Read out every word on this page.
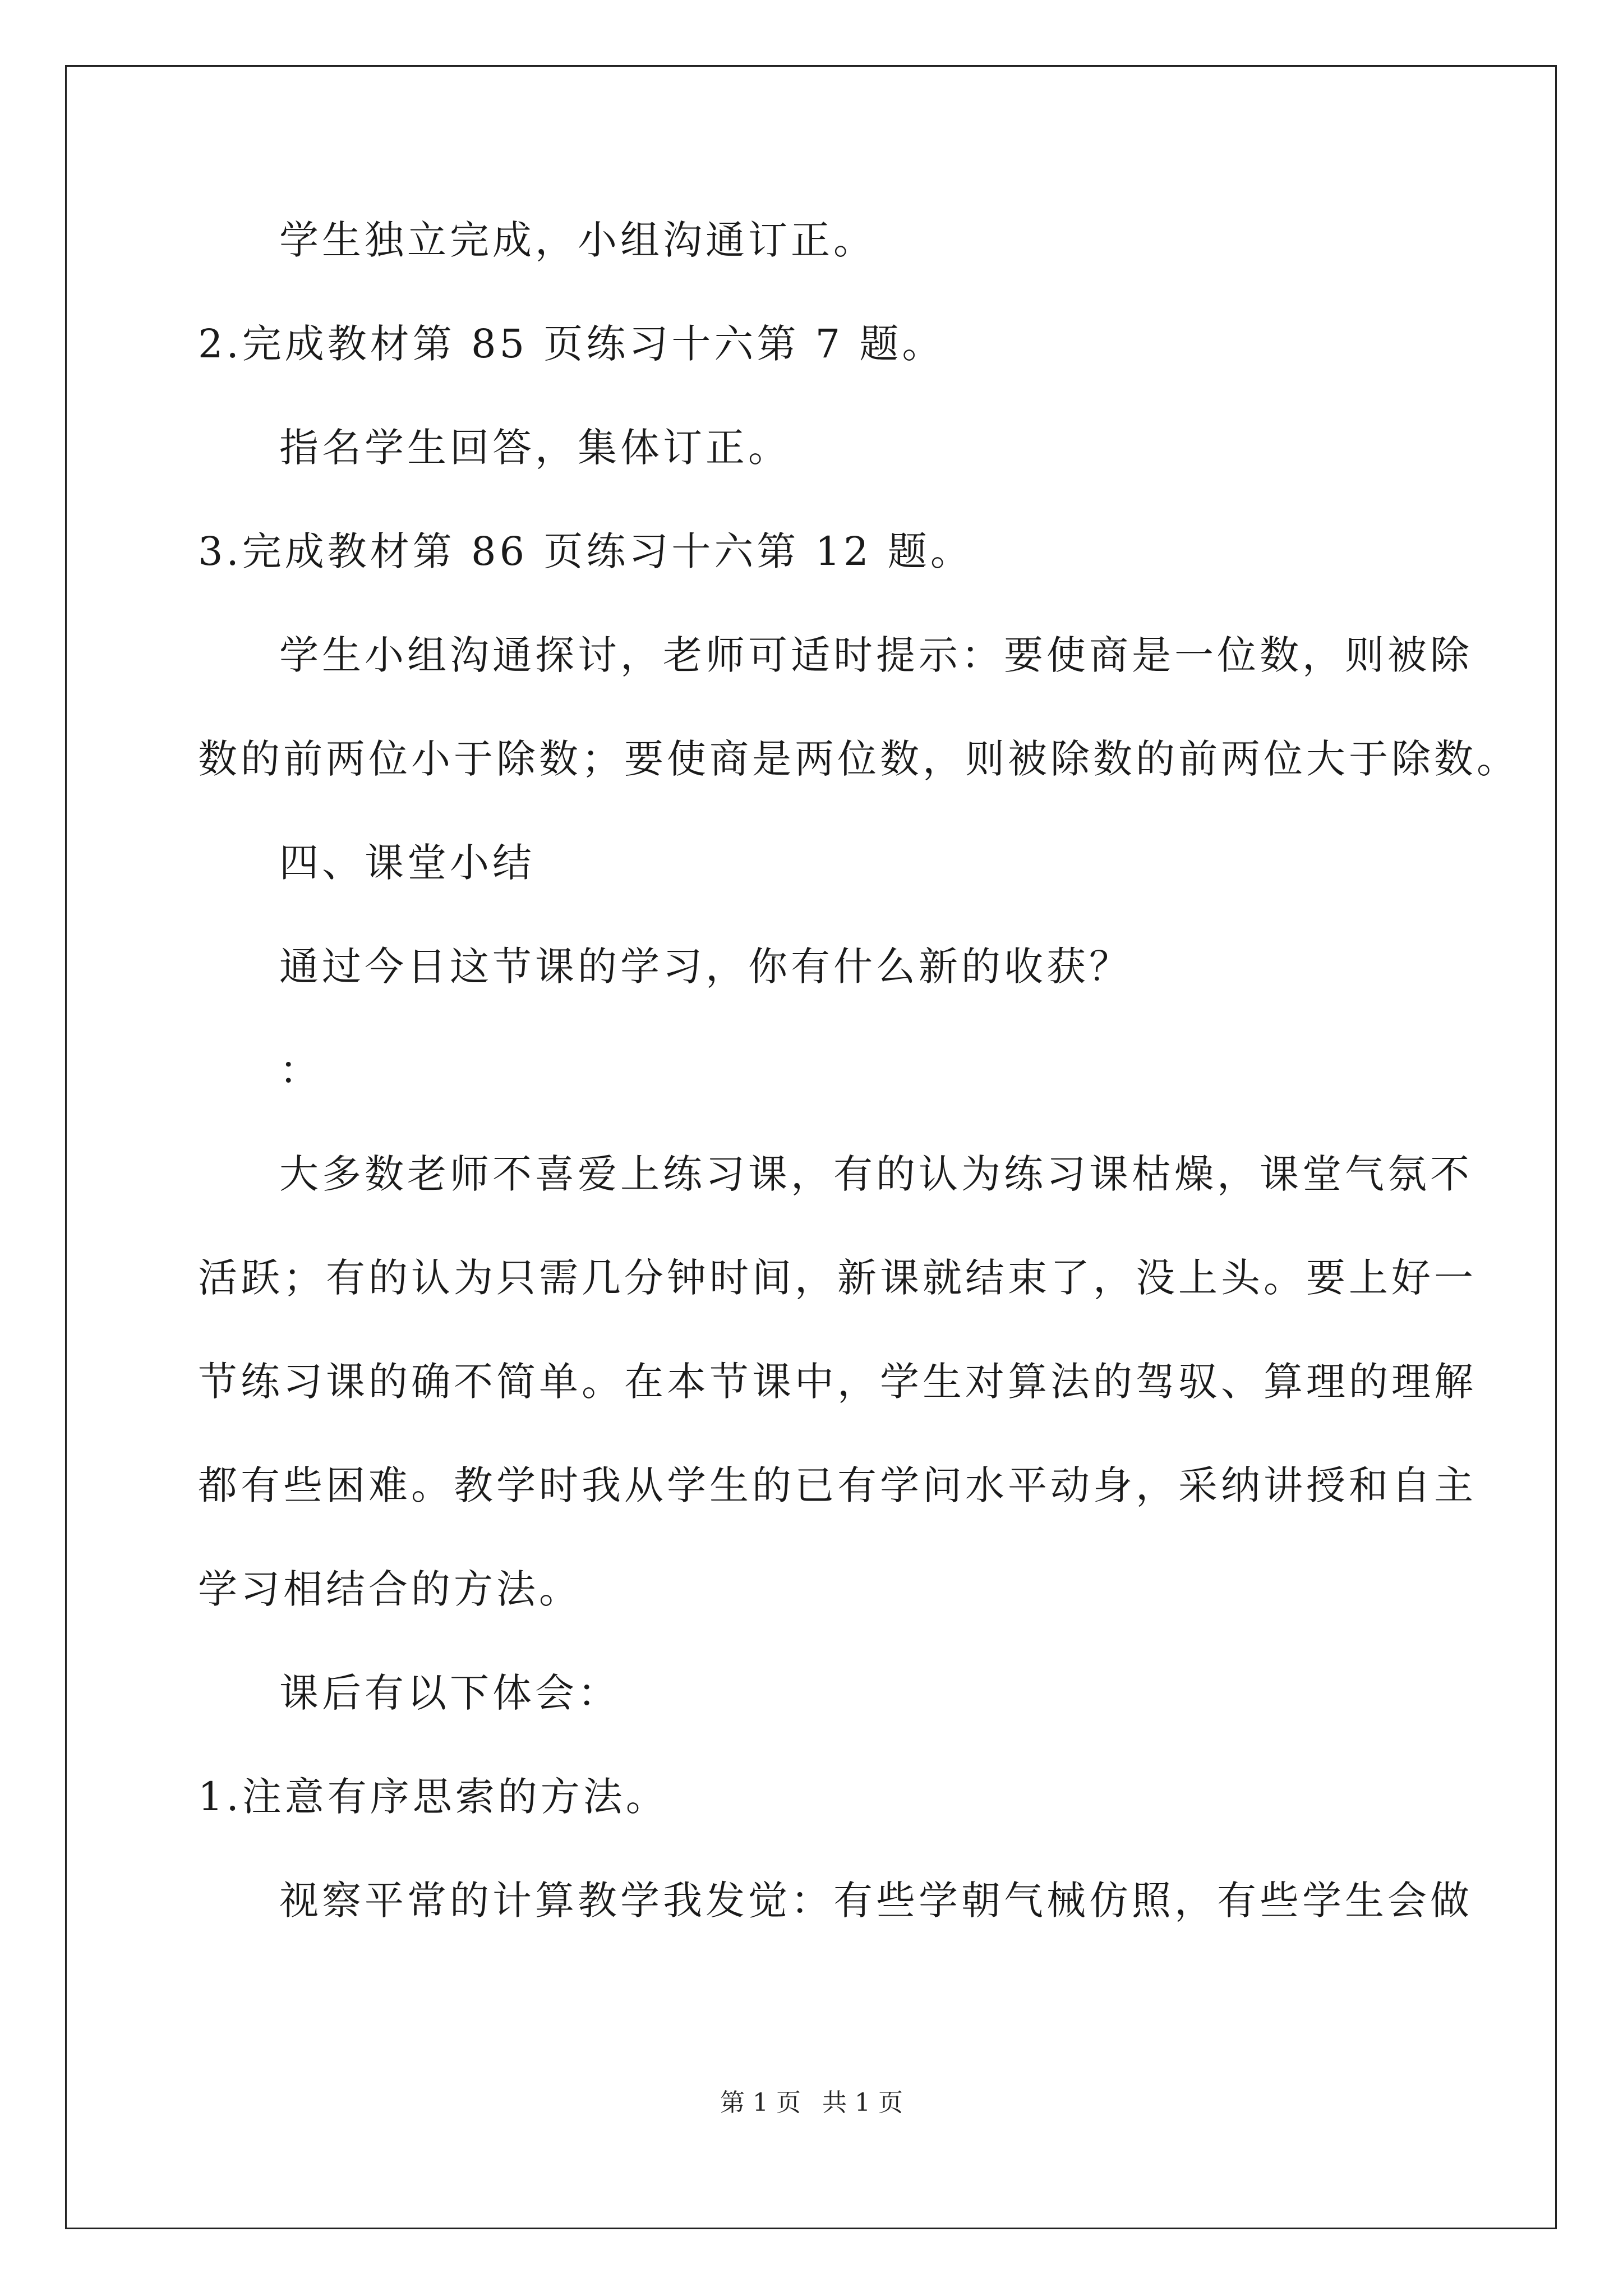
学生独立完成，小组沟通订正。
2.完成教材第 85 页练习十六第 7 题。
指名学生回答，集体订正。
3.完成教材第 86 页练习十六第 12 题。
学生小组沟通探讨，老师可适时提示：要使商是一位数，则被除
数的前两位小于除数；要使商是两位数，则被除数的前两位大于除数。
四、课堂小结
通过今日这节课的学习，你有什么新的收获？
：
大多数老师不喜爱上练习课，有的认为练习课枯燥，课堂气氛不
活跃；有的认为只需几分钟时间，新课就结束了，没上头。要上好一
节练习课的确不简单。在本节课中，学生对算法的驾驭、算理的理解
都有些困难。教学时我从学生的已有学问水平动身，采纳讲授和自主
学习相结合的方法。
课后有以下体会：
1.注意有序思索的方法。
视察平常的计算教学我发觉：有些学朝气械仿照，有些学生会做
第 1 页 共 1 页
